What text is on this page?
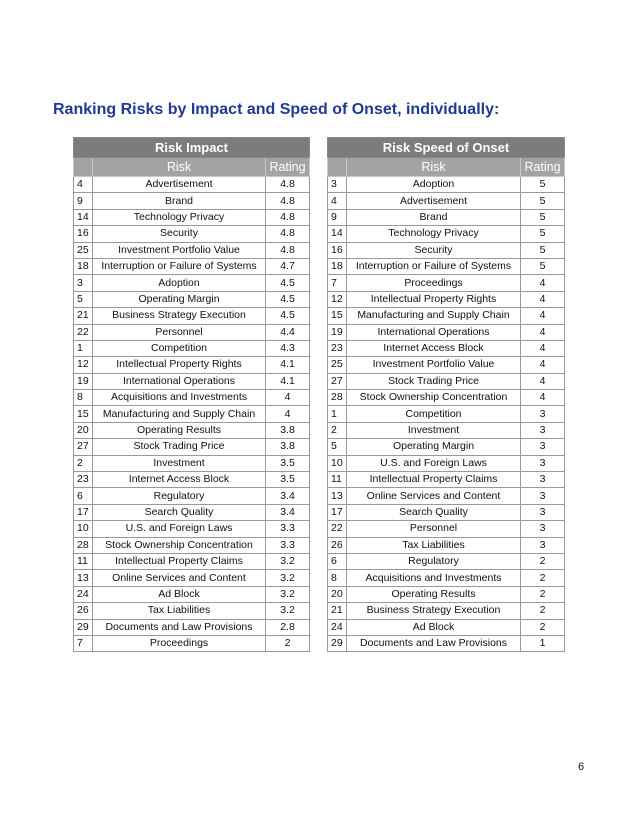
Ranking Risks by Impact and Speed of Onset, individually:
Risk Impact		
	Risk	Rating
4	Advertisement	4.8
9	Brand	4.8
14	Technology Privacy	4.8
16	Security	4.8
25	Investment Portfolio Value	4.8
18	Interruption or Failure of Systems	4.7
3	Adoption	4.5
5	Operating Margin	4.5
21	Business Strategy Execution	4.5
22	Personnel	4.4
1	Competition	4.3
12	Intellectual Property Rights	4.1
19	International Operations	4.1
8	Acquisitions and Investments	4
15	Manufacturing and Supply Chain	4
20	Operating Results	3.8
27	Stock Trading Price	3.8
2	Investment	3.5
23	Internet Access Block	3.5
6	Regulatory	3.4
17	Search Quality	3.4
10	U.S. and Foreign Laws	3.3
28	Stock Ownership Concentration	3.3
11	Intellectual Property Claims	3.2
13	Online Services and Content	3.2
24	Ad Block	3.2
26	Tax Liabilities	3.2
29	Documents and Law Provisions	2.8
7	Proceedings	2
Risk Speed of Onset		
	Risk	Rating
3	Adoption	5
4	Advertisement	5
9	Brand	5
14	Technology Privacy	5
16	Security	5
18	Interruption or Failure of Systems	5
7	Proceedings	4
12	Intellectual Property Rights	4
15	Manufacturing and Supply Chain	4
19	International Operations	4
23	Internet Access Block	4
25	Investment Portfolio Value	4
27	Stock Trading Price	4
28	Stock Ownership Concentration	4
1	Competition	3
2	Investment	3
5	Operating Margin	3
10	U.S. and Foreign Laws	3
11	Intellectual Property Claims	3
13	Online Services and Content	3
17	Search Quality	3
22	Personnel	3
26	Tax Liabilities	3
6	Regulatory	2
8	Acquisitions and Investments	2
20	Operating Results	2
21	Business Strategy Execution	2
24	Ad Block	2
29	Documents and Law Provisions	1
6
